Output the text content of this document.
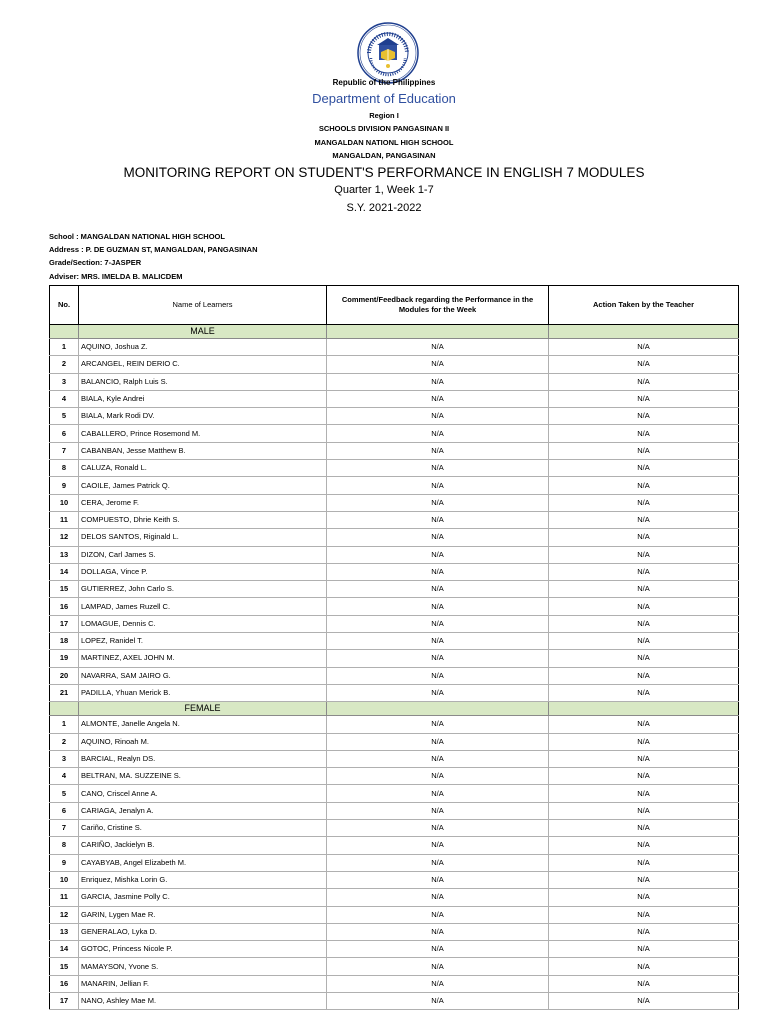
Republic of the Philippines
Department of Education
Region I
SCHOOLS DIVISION PANGASINAN II
MANGALDAN NATIONL HIGH SCHOOL
MANGALDAN, PANGASINAN
MONITORING REPORT ON STUDENT'S PERFORMANCE IN ENGLISH 7 MODULES
Quarter 1, Week 1-7
S.Y. 2021-2022
School : MANGALDAN NATIONAL HIGH SCHOOL
Address : P. DE GUZMAN ST, MANGALDAN, PANGASINAN
Grade/Section: 7-JASPER
Adviser: MRS. IMELDA B. MALICDEM
No.	Name of Learners	Comment/Feedback regarding the Performance in the Modules for the Week	Action Taken by the Teacher
	MALE		
1	AQUINO, Joshua Z.	N/A	N/A
2	ARCANGEL, REIN DERIO C.	N/A	N/A
3	BALANCIO, Ralph Luis S.	N/A	N/A
4	BIALA, Kyle Andrei	N/A	N/A
5	BIALA, Mark Rodi DV.	N/A	N/A
6	CABALLERO, Prince Rosemond M.	N/A	N/A
7	CABANBAN, Jesse Matthew B.	N/A	N/A
8	CALUZA, Ronald L.	N/A	N/A
9	CAOILE, James Patrick Q.	N/A	N/A
10	CERA, Jerome F.	N/A	N/A
11	COMPUESTO, Dhrie Keith S.	N/A	N/A
12	DELOS SANTOS, Riginald L.	N/A	N/A
13	DIZON, Carl James S.	N/A	N/A
14	DOLLAGA, Vince P.	N/A	N/A
15	GUTIERREZ, John Carlo S.	N/A	N/A
16	LAMPAD, James Ruzell C.	N/A	N/A
17	LOMAGUE, Dennis C.	N/A	N/A
18	LOPEZ, Ranidel T.	N/A	N/A
19	MARTINEZ, AXEL JOHN M.	N/A	N/A
20	NAVARRA, SAM JAIRO G.	N/A	N/A
21	PADILLA, Yhuan Merick B.	N/A	N/A
	FEMALE		
1	ALMONTE, Janelle Angela N.	N/A	N/A
2	AQUINO, Rinoah M.	N/A	N/A
3	BARCIAL, Realyn DS.	N/A	N/A
4	BELTRAN, MA. SUZZEINE S.	N/A	N/A
5	CANO, Criscel Anne A.	N/A	N/A
6	CARIAGA, Jenalyn A.	N/A	N/A
7	Cariño, Cristine S.	N/A	N/A
8	CARIÑO, Jackielyn B.	N/A	N/A
9	CAYABYAB, Angel Elizabeth M.	N/A	N/A
10	Enriquez, Mishka Lorin G.	N/A	N/A
11	GARCIA, Jasmine Polly C.	N/A	N/A
12	GARIN, Lygen Mae R.	N/A	N/A
13	GENERALAO, Lyka D.	N/A	N/A
14	GOTOC, Princess Nicole P.	N/A	N/A
15	MAMAYSON, Yvone S.	N/A	N/A
16	MANARIN, Jellian F.	N/A	N/A
17	NANO, Ashley Mae M.	N/A	N/A
